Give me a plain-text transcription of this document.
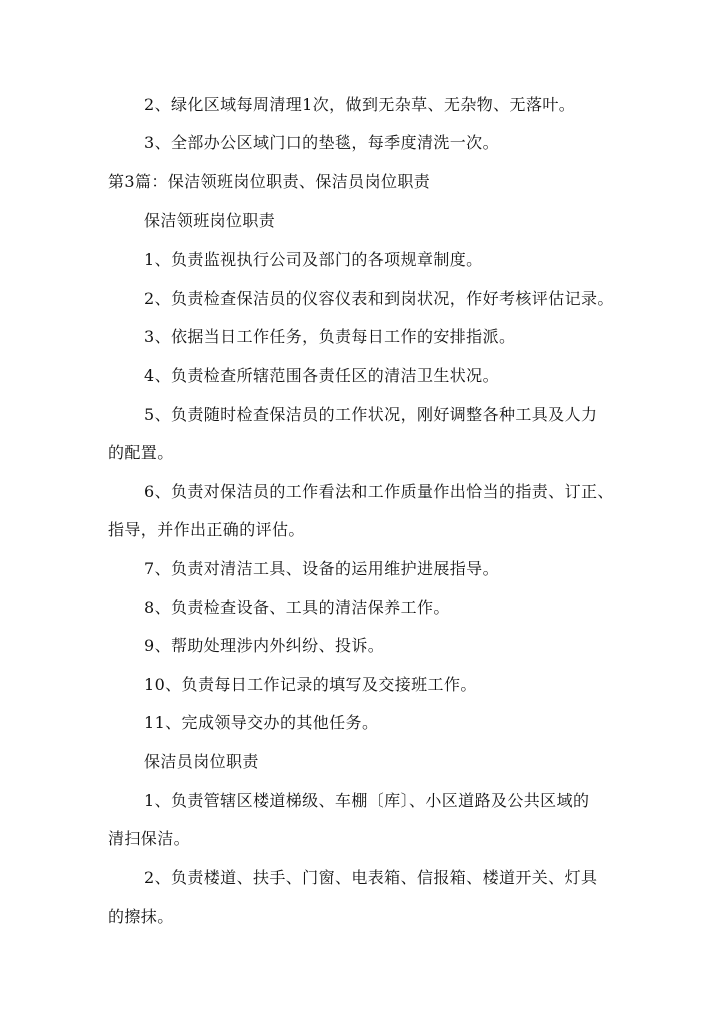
2、绿化区域每周清理1次，做到无杂草、无杂物、无落叶。
3、全部办公区域门口的垫毯，每季度清洗一次。
第3篇：保洁领班岗位职责、保洁员岗位职责
保洁领班岗位职责
1、负责监视执行公司及部门的各项规章制度。
2、负责检查保洁员的仪容仪表和到岗状况，作好考核评估记录。
3、依据当日工作任务，负责每日工作的安排指派。
4、负责检查所辖范围各责任区的清洁卫生状况。
5、负责随时检查保洁员的工作状况，刚好调整各种工具及人力
的配置。
6、负责对保洁员的工作看法和工作质量作出恰当的指责、订正、
指导，并作出正确的评估。
7、负责对清洁工具、设备的运用维护进展指导。
8、负责检查设备、工具的清洁保养工作。
9、帮助处理涉内外纠纷、投诉。
10、负责每日工作记录的填写及交接班工作。
11、完成领导交办的其他任务。
保洁员岗位职责
1、负责管辖区楼道梯级、车棚〔库〕、小区道路及公共区域的
清扫保洁。
2、负责楼道、扶手、门窗、电表箱、信报箱、楼道开关、灯具
的擦抹。
